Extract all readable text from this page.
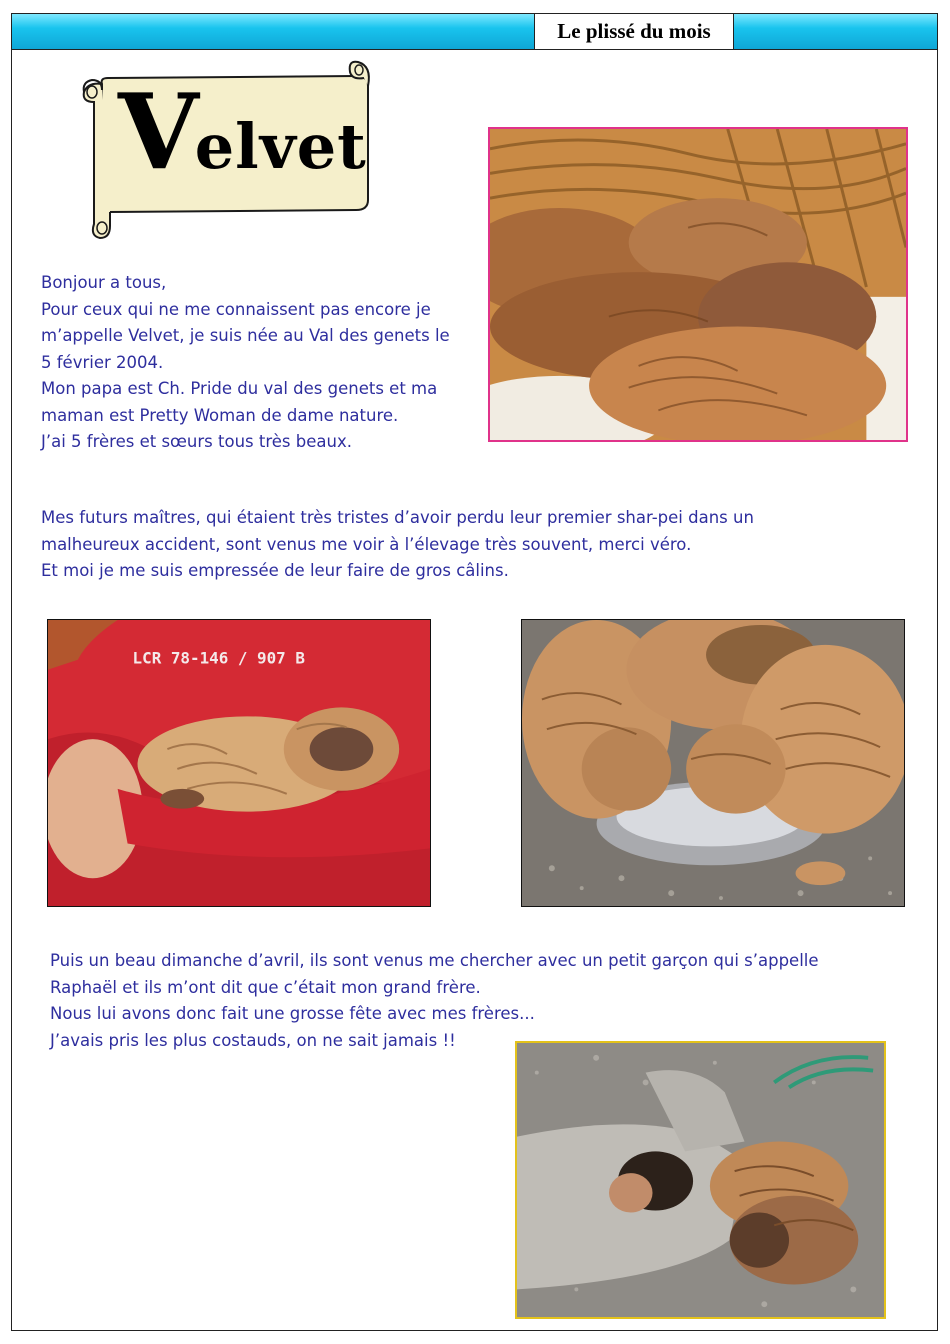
Le plissé du mois
V elvet
Bonjour a tous,
Pour ceux qui ne me connaissent pas encore je
m’appelle Velvet, je suis née au Val des genets le
5 février 2004.
Mon papa est Ch. Pride du val des genets et ma
maman est Pretty Woman de dame nature.
J’ai 5 frères et sœurs tous très beaux.
Mes futurs maîtres, qui étaient très tristes d’avoir perdu leur premier shar-pei dans un
malheureux accident, sont venus me voir à l’élevage très souvent, merci véro.
Et moi je me suis empressée de leur faire de gros câlins.
LCR 78-146 / 907 B
Puis un beau dimanche d’avril, ils sont venus me chercher avec un petit garçon qui s’appelle
Raphaël et ils m’ont dit que c’était mon grand frère.
Nous lui avons donc fait une grosse fête avec mes frères...
J’avais pris les plus costauds, on ne sait jamais !!
